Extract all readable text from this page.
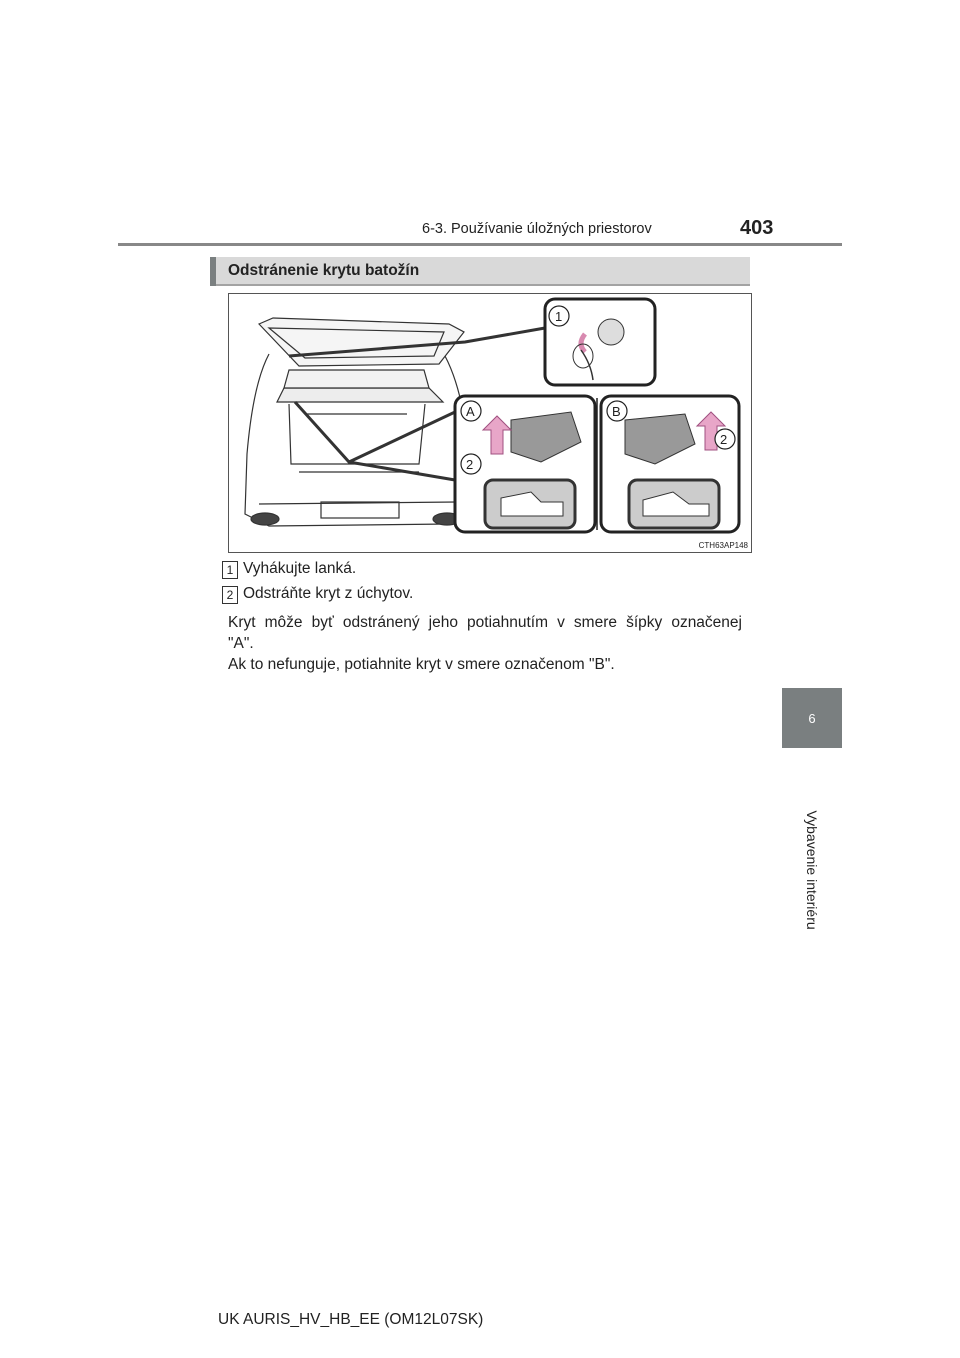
6-3. Používanie úložných priestorov	403
6
Vybavenie interiéru
Odstránenie krytu batožín
1
A
2
B
2
CTH63AP148
1 Vyhákujte lanká.
2 Odstráňte kryt z úchytov.
Kryt môže byť odstránený jeho potiahnutím v smere šípky označenej
"A".
Ak to nefunguje, potiahnite kryt v smere označenom "B".
UK AURIS_HV_HB_EE (OM12L07SK)
